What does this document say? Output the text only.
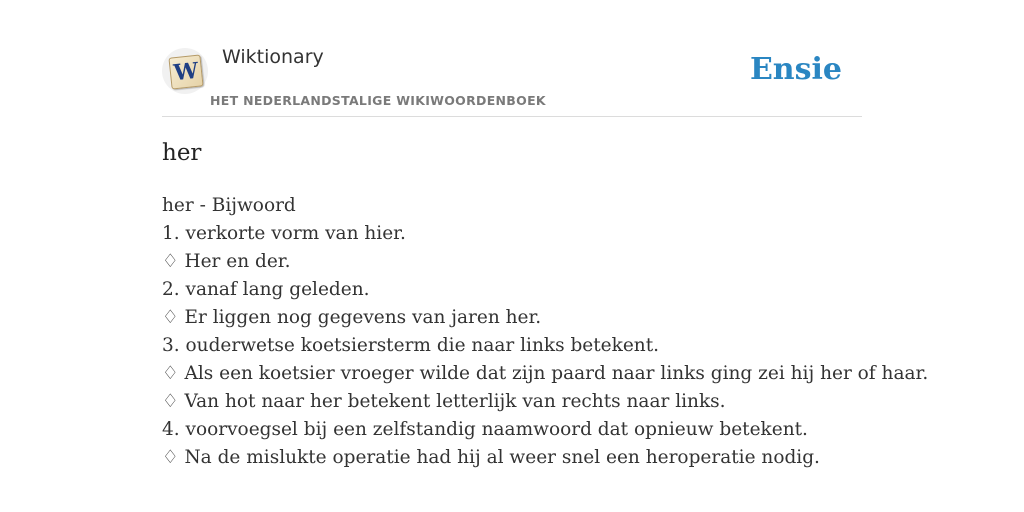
W
Wiktionary
HET NEDERLANDSTALIGE WIKIWOORDENBOEK
Ensie
her
her - Bijwoord
1. verkorte vorm van hier.
♢ Her en der.
2. vanaf lang geleden.
♢ Er liggen nog gegevens van jaren her.
3. ouderwetse koetsiersterm die naar links betekent.
♢ Als een koetsier vroeger wilde dat zijn paard naar links ging zei hij her of haar.
♢ Van hot naar her betekent letterlijk van rechts naar links.
4. voorvoegsel bij een zelfstandig naamwoord dat opnieuw betekent.
♢ Na de mislukte operatie had hij al weer snel een heroperatie nodig.
